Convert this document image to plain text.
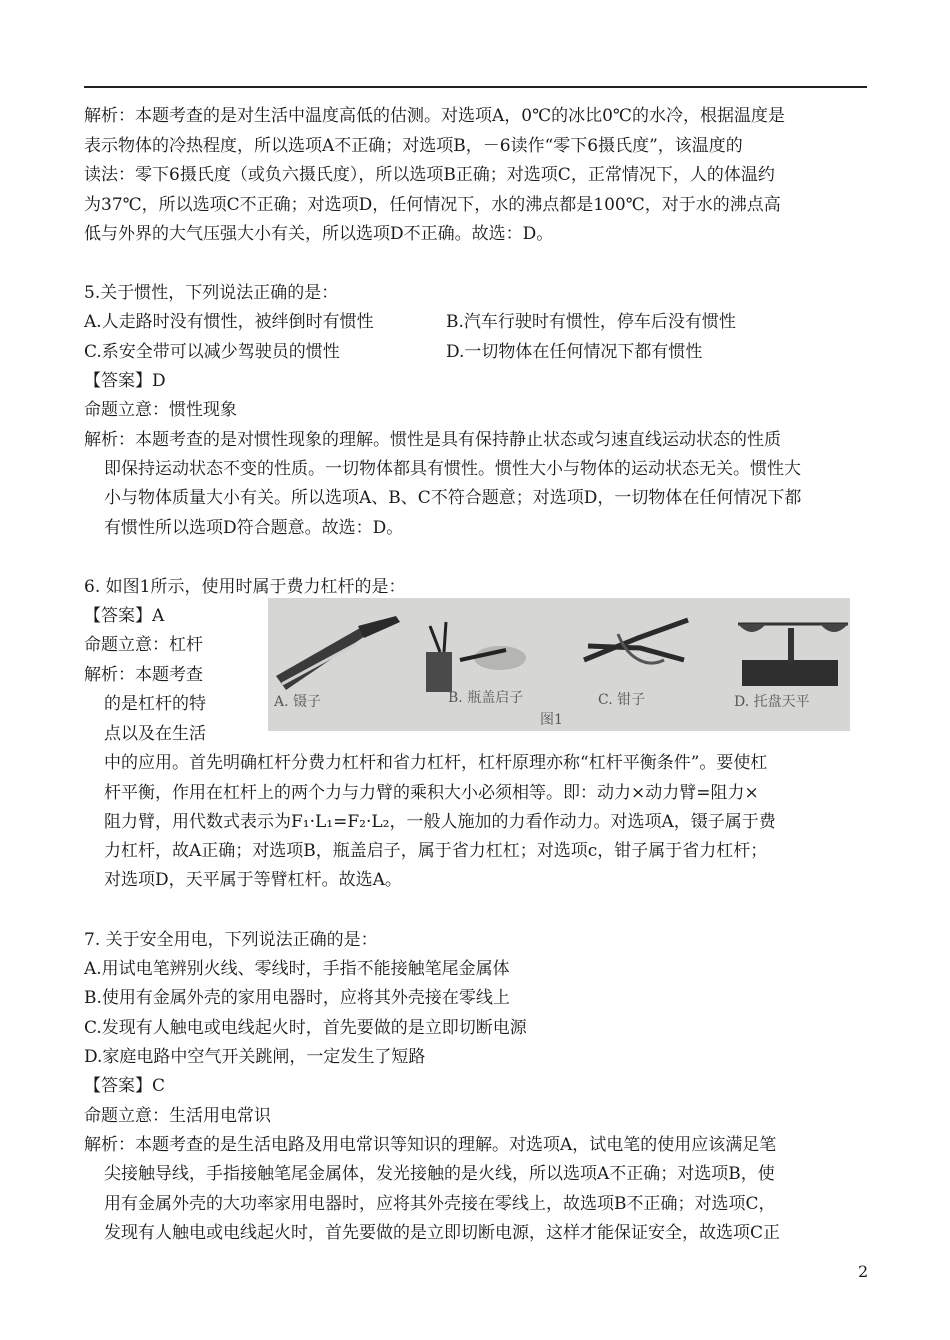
解析：本题考查的是对生活中温度高低的估测。对选项A，0℃的冰比0℃的水冷，根据温度是
表示物体的冷热程度，所以选项A不正确；对选项B，－6读作“零下6摄氏度”，该温度的
读法：零下6摄氏度（或负六摄氏度），所以选项B正确；对选项C，正常情况下，人的体温约
为37℃，所以选项C不正确；对选项D，任何情况下，水的沸点都是100℃，对于水的沸点高
低与外界的大气压强大小有关，所以选项D不正确。故选：D。
5.关于惯性，下列说法正确的是：
A.人走路时没有惯性，被绊倒时有惯性	B.汽车行驶时有惯性，停车后没有惯性
C.系安全带可以减少驾驶员的惯性	D.一切物体在任何情况下都有惯性
【答案】D
命题立意：惯性现象
解析：本题考查的是对惯性现象的理解。惯性是具有保持静止状态或匀速直线运动状态的性质
即保持运动状态不变的性质。一切物体都具有惯性。惯性大小与物体的运动状态无关。惯性大
小与物体质量大小有关。所以选项A、B、C不符合题意；对选项D，一切物体在任何情况下都
有惯性所以选项D符合题意。故选：D。
6. 如图1所示，使用时属于费力杠杆的是：
【答案】A
命题立意：杠杆
解析：本题考查
的是杠杆的特
点以及在生活
中的应用。首先明确杠杆分费力杠杆和省力杠杆，杠杆原理亦称“杠杆平衡条件”。要使杠
杆平衡，作用在杠杆上的两个力与力臂的乘积大小必须相等。即：动力×动力臂=阻力×
阻力臂，用代数式表示为F₁·L₁=F₂·L₂，一般人施加的力看作动力。对选项A，镊子属于费
力杠杆，故A正确；对选项B，瓶盖启子，属于省力杠杠；对选项c，钳子属于省力杠杆；
对选项D，天平属于等臂杠杆。故选A。
A. 镊子	B. 瓶盖启子	C. 钳子	D. 托盘天平
图1
7. 关于安全用电，下列说法正确的是：
A.用试电笔辨别火线、零线时，手指不能接触笔尾金属体
B.使用有金属外壳的家用电器时，应将其外壳接在零线上
C.发现有人触电或电线起火时，首先要做的是立即切断电源
D.家庭电路中空气开关跳闸，一定发生了短路
【答案】C
命题立意：生活用电常识
解析：本题考查的是生活电路及用电常识等知识的理解。对选项A，试电笔的使用应该满足笔
尖接触导线，手指接触笔尾金属体，发光接触的是火线，所以选项A不正确；对选项B，使
用有金属外壳的大功率家用电器时，应将其外壳接在零线上，故选项B不正确；对选项C，
发现有人触电或电线起火时，首先要做的是立即切断电源，这样才能保证安全，故选项C正
2
